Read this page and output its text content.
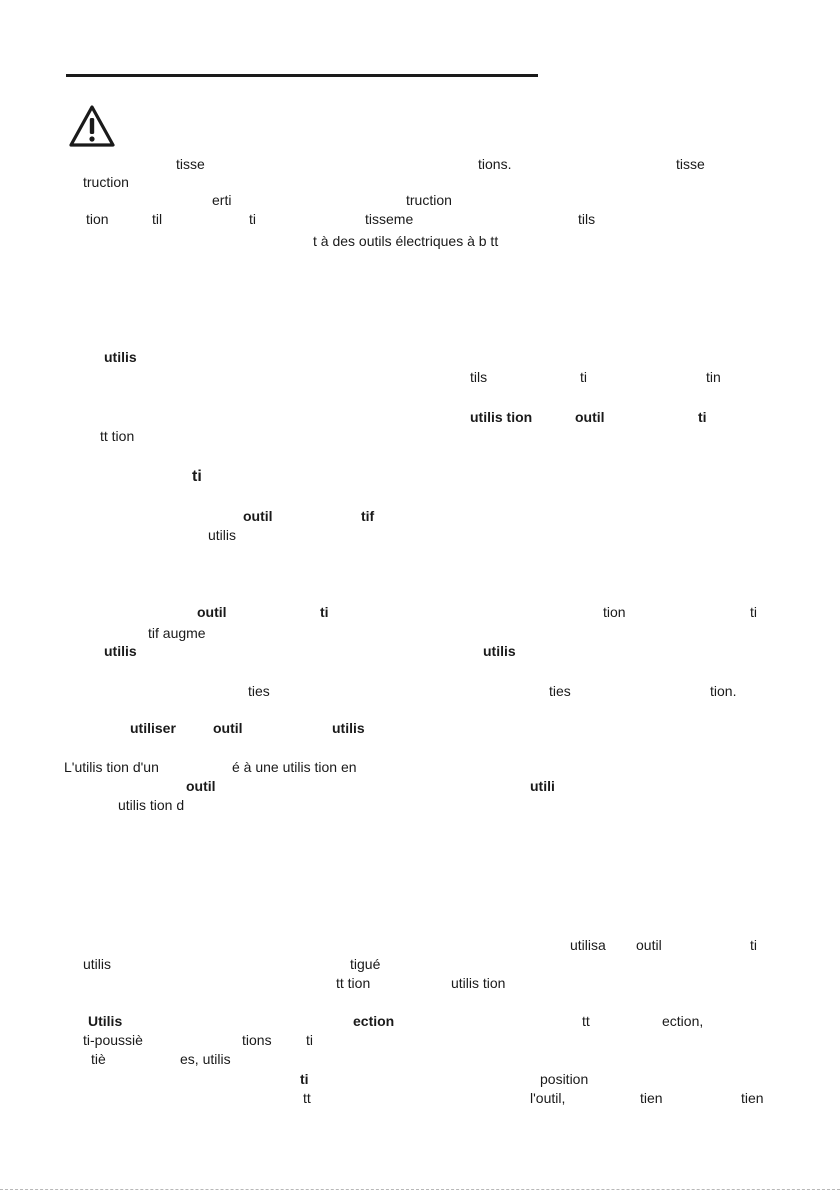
tisse	tions.	tisse
truction
erti	truction
tion	til	ti	tisseme	tils
t à des outils électriques à b tt
utilis
tils	ti	tin
utilis tion	outil	ti
tt tion
ti
outil	tif
utilis
outil	ti	tion	ti
tif augme
utilis	utilis
ties	ties	tion.
utiliser	outil	utilis
L'utilis tion d'un	é à une utilis tion en
outil	utili
utilis tion d
utilisa outil	ti
utilis	tigué
tt tion	utilis tion
Utilis	ection	tt	ection,
ti-poussiè	tions ti
tiè	es, utilis
ti	position
tt	l'outil,	tien	tien
